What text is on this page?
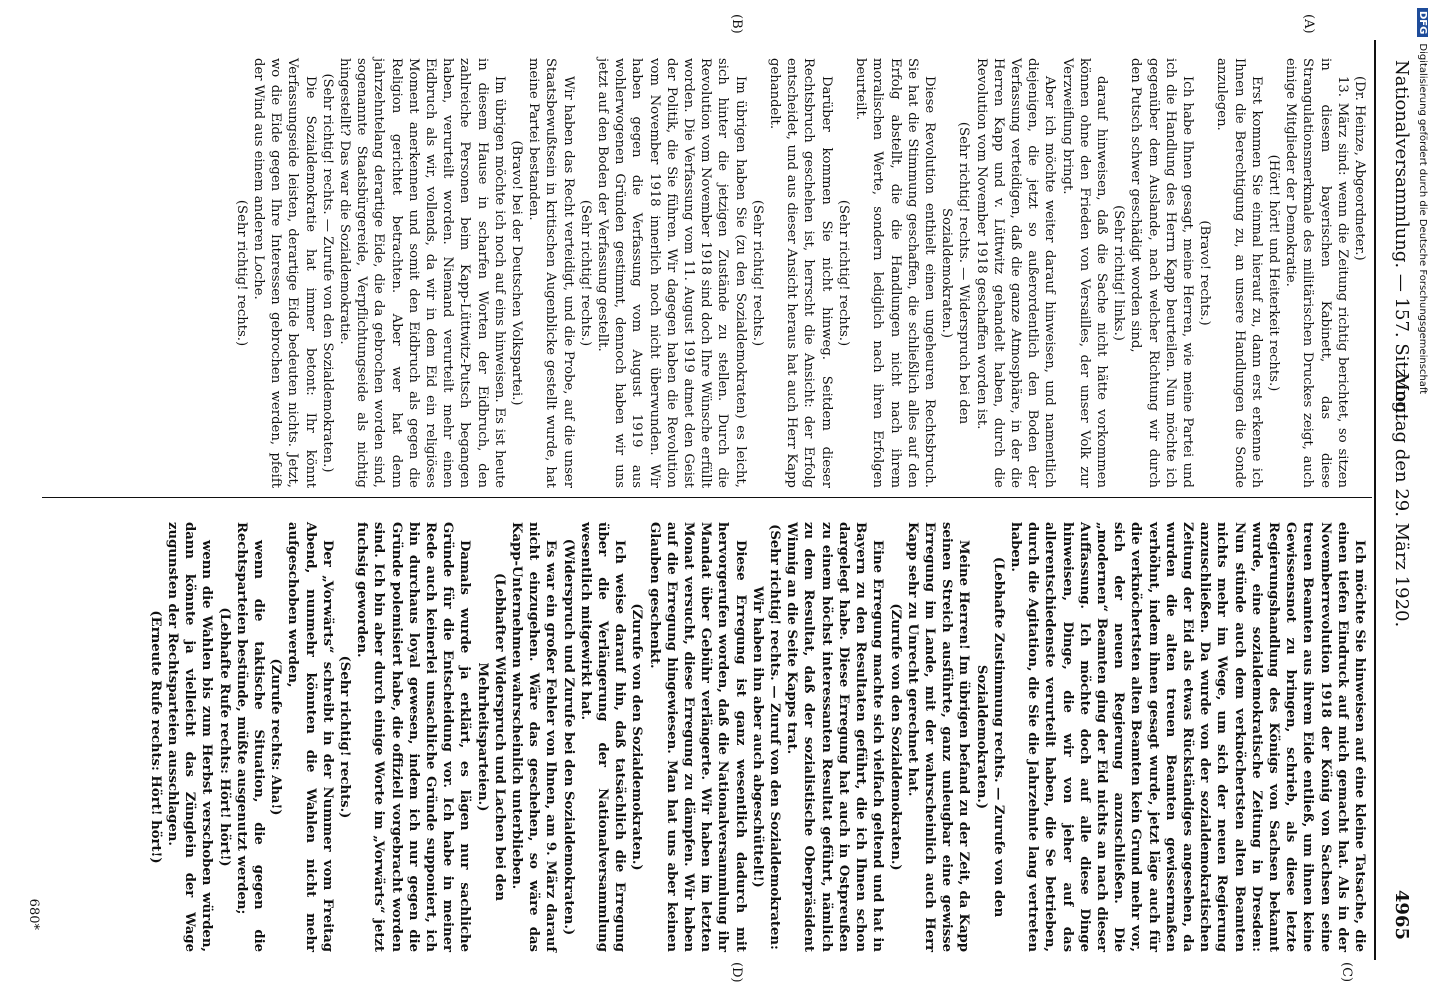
Nationalversammlung. — 157. Sitzung.
Montag den 29. März 1920.
4965
(A)
(B)
(C)
(D)

(Dr. Heinze, Abgeordneter.)

13. März sind: wenn die Zeitung richtig berichtet, so sitzen in diesem bayerischen Kabinett, das diese Strangulationsmerkmale des militärischen Druckes zeigt, auch einige Mitglieder der Demokratie.

(Hört! hört! und Heiterkeit rechts.)

Erst kommen Sie einmal hierauf zu, dann erst erkenne ich Ihnen die Berechtigung zu, an unsere Handlungen die Sonde anzulegen.

(Bravo! rechts.)

Ich habe Ihnen gesagt, meine Herren, wie meine Partei und ich die Handlung des Herrn Kapp beurteilen. Nun möchte ich gegenüber dem Auslande, nach welcher Richtung wir durch den Putsch schwer geschädigt worden sind,

(Sehr richtig! links.)

darauf hinweisen, daß die Sache nicht hätte vorkommen können ohne den Frieden von Versailles, der unser Volk zur Verzweiflung bringt.

Aber ich möchte weiter darauf hinweisen, und namentlich diejenigen, die jetzt so außerordentlich den Boden der Verfassung verteidigen, daß die ganze Atmosphäre, in der die Herren Kapp und v. Lüttwitz gehandelt haben, durch die Revolution vom November 1918 geschaffen worden ist.

(Sehr richtig! rechts. — Widerspruch bei den Sozialdemokraten.)

Diese Revolution enthielt einen ungeheuren Rechtsbruch. Sie hat die Stimmung geschaffen, die schließlich alles auf den Erfolg abstellt, die die Handlungen nicht nach ihrem moralischen Werte, sondern lediglich nach ihren Erfolgen beurteilt.

(Sehr richtig! rechts.)

Darüber kommen Sie nicht hinweg. Seitdem dieser Rechtsbruch geschehen ist, herrscht die Ansicht: der Erfolg entscheidet, und aus dieser Ansicht heraus hat auch Herr Kapp gehandelt.

(Sehr richtig! rechts.)

Im übrigen haben Sie (zu den Sozialdemokraten) es leicht, sich hinter die jetzigen Zustände zu stellen. Durch die Revolution vom November 1918 sind doch Ihre Wünsche erfüllt worden. Die Verfassung vom 11. August 1919 atmet den Geist der Politik, die Sie führen. Wir dagegen haben die Revolution vom November 1918 innerlich noch nicht überwunden. Wir haben gegen die Verfassung vom August 1919 aus wohlerwogenen Gründen gestimmt, dennoch haben wir uns jetzt auf den Boden der Verfassung gestellt.

(Sehr richtig! rechts.)

Wir haben das Recht verteidigt, und die Probe, auf die unser Staatsbewußtsein in kritischen Augenblicke gestellt wurde, hat meine Partei bestanden.

(Bravo! bei der Deutschen Volkspartei.)

Im übrigen möchte ich noch auf eins hinweisen. Es ist heute in diesem Hause in scharfen Worten der Eidbruch, den zahlreiche Personen beim Kapp-Lüttwitz-Putsch begangen haben, verurteilt worden. Niemand verurteilt mehr einen Eidbruch als wir, vollends, da wir in dem Eid ein religiöses Moment anerkennen und somit den Eidbruch als gegen die Religion gerichtet betrachten. Aber wer hat denn jahrzehntelang derartige Eide, die da gebrochen worden sind, sogenannte Staatsbürgereide, Verpflichtungseide als nichtig hingestellt? Das war die Sozialdemokratie.

(Sehr richtig! rechts. — Zurufe von den Sozialdemokraten.)

Die Sozialdemokratie hat immer betont: Ihr könnt Verfassungseide leisten, derartige Eide bedeuten nichts. Jetzt, wo die Eide gegen Ihre Interessen gebrochen werden, pfeift der Wind aus einem anderen Loche.

(Sehr richtig! rechts.)

Ich möchte Sie hinweisen auf eine kleine Tatsache, die einen tiefen Eindruck auf mich gemacht hat. Als in der Novemberrevolution 1918 der König von Sachsen seine treuen Beamten aus ihrem Eide entließ, um ihnen keine Gewissensnot zu bringen, schrieb, als diese letzte Regierungshandlung des Königs von Sachsen bekannt wurde, eine sozialdemokratische Zeitung in Dresden: Nun stünde auch dem verknöchertsten alten Beamten nichts mehr im Wege, um sich der neuen Regierung anzuschließen. Da wurde von der sozialdemokratischen Zeitung der Eid als etwas Rückständiges angesehen, da wurden die alten treuen Beamten gewissermaßen verhöhnt, indem ihnen gesagt wurde, jetzt läge auch für die verknöchertsten alten Beamten kein Grund mehr vor, sich der neuen Regierung anzuschließen. Die „modernen“ Beamten ging der Eid nichts an nach dieser Auffassung. Ich möchte doch auf alle diese Dinge hinweisen, Dinge, die wir von jeher auf das allerentschiedenste verurteilt haben, die Se betrieben, durch die Agitation, die Sie die Jahrzehnte lang vertreten haben.

(Lebhafte Zustimmung rechts. — Zurufe von den Sozialdemokraten.)

Meine Herren! Im übrigen befand zu der Zeit, da Kapp seinen Streich ausführte, ganz unleugbar eine gewisse Erregung im Lande, mit der wahrscheinlich auch Herr Kapp sehr zu Unrecht gerechnet hat.

(Zurufe von den Sozialdemokraten.)

Eine Erregung machte sich vielfach geltend und hat in Bayern zu den Resultaten geführt, die ich Ihnen schon dargelegt habe. Diese Erregung hat auch in Ostpreußen zu einem höchst interessanten Resultat geführt, nämlich zu dem Resultat, daß der sozialistische Oberpräsident Winnig an die Seite Kapps trat.

(Sehr richtig! rechts. — Zuruf von den Sozialdemokraten: Wir haben ihn aber auch abgeschüttelt!)

Diese Erregung ist ganz wesentlich dadurch mit hervorgerufen worden, daß die Nationalversammlung ihr Mandat über Gebühr verlängerte. Wir haben im letzten Monat versucht, diese Erregung zu dämpfen. Wir haben auf die Erregung hingewiesen. Man hat uns aber keinen Glauben geschenkt.

(Zurufe von den Sozialdemokraten.)

Ich weise darauf hin, daß tatsächlich die Erregung über die Verlängerung der Nationalversammlung wesentlich mitgewirkt hat.

(Widerspruch und Zurufe bei den Sozialdemokraten.)

Es war ein großer Fehler von Ihnen, am 9. März darauf nicht einzugehen. Wäre das geschehen, so wäre das Kapp-Unternehmen wahrscheinlich unterblieben.

(Lebhafter Widerspruch und Lachen bei den Mehrheitsparteien.)

Damals wurde ja erklärt, es lägen nur sachliche Gründe für die Entscheidung vor. Ich habe in meiner Rede auch keinerlei unsachliche Gründe supponiert, ich bin durchaus loyal gewesen, indem ich nur gegen die Gründe polemisiert habe, die offiziell vorgebracht worden sind. Ich bin aber durch einige Worte im „Vorwärts“ jetzt fuchsig geworden.

(Sehr richtig! rechts.)

Der „Vorwärts“ schreibt in der Nummer vom Freitag Abend, nunmehr könnten die Wahlen nicht mehr aufgeschoben werden,

(Zurufe rechts: Aha!)

wenn die taktische Situation, die gegen die Rechtsparteien bestünde, müßte ausgenutzt werden;

(Lebhafte Rufe rechts: Hört! hört!)

wenn die Wahlen bis zum Herbst verschoben würden, dann könnte ja vielleicht das Zünglein der Wage zugunsten der Rechtsparteien ausschlagen.

(Erneute Rufe rechts: Hört! hört!)

680*
DFGDigitalisierung gefördert durch die Deutsche Forschungsgemeinschaft
